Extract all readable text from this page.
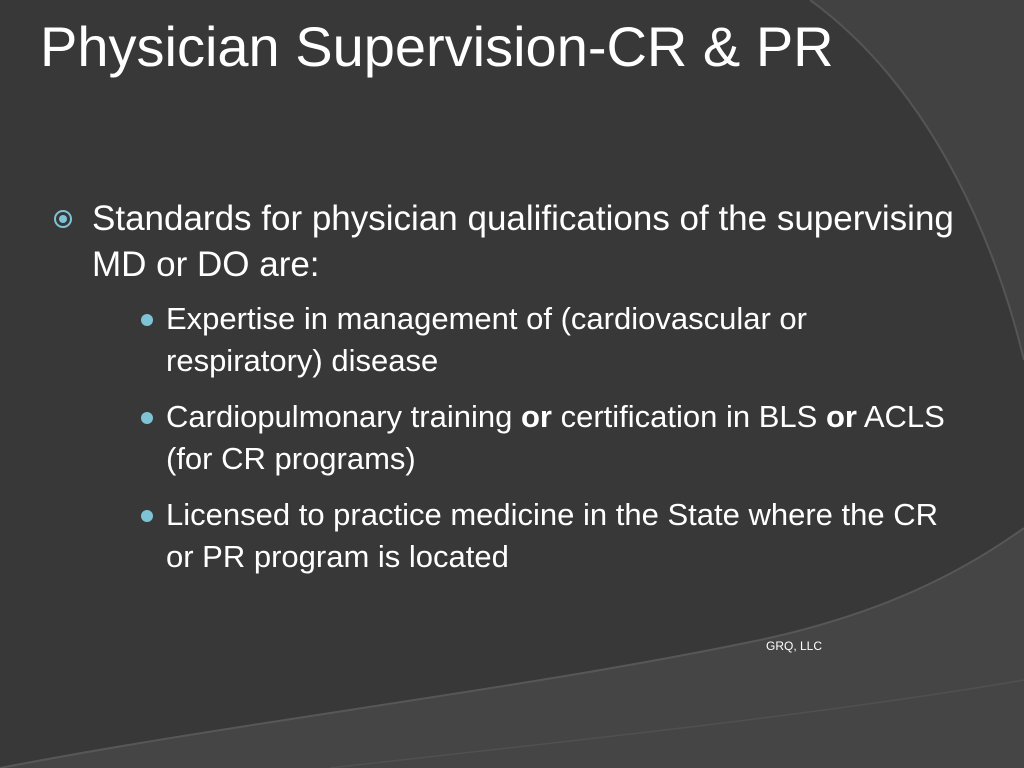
Physician Supervision-CR & PR
Standards for physician qualifications of the supervising MD or DO are:
Expertise in management of (cardiovascular or respiratory) disease
Cardiopulmonary training or certification in BLS or ACLS (for CR programs)
Licensed to practice medicine in the State where the CR or PR program is located
GRQ, LLC
